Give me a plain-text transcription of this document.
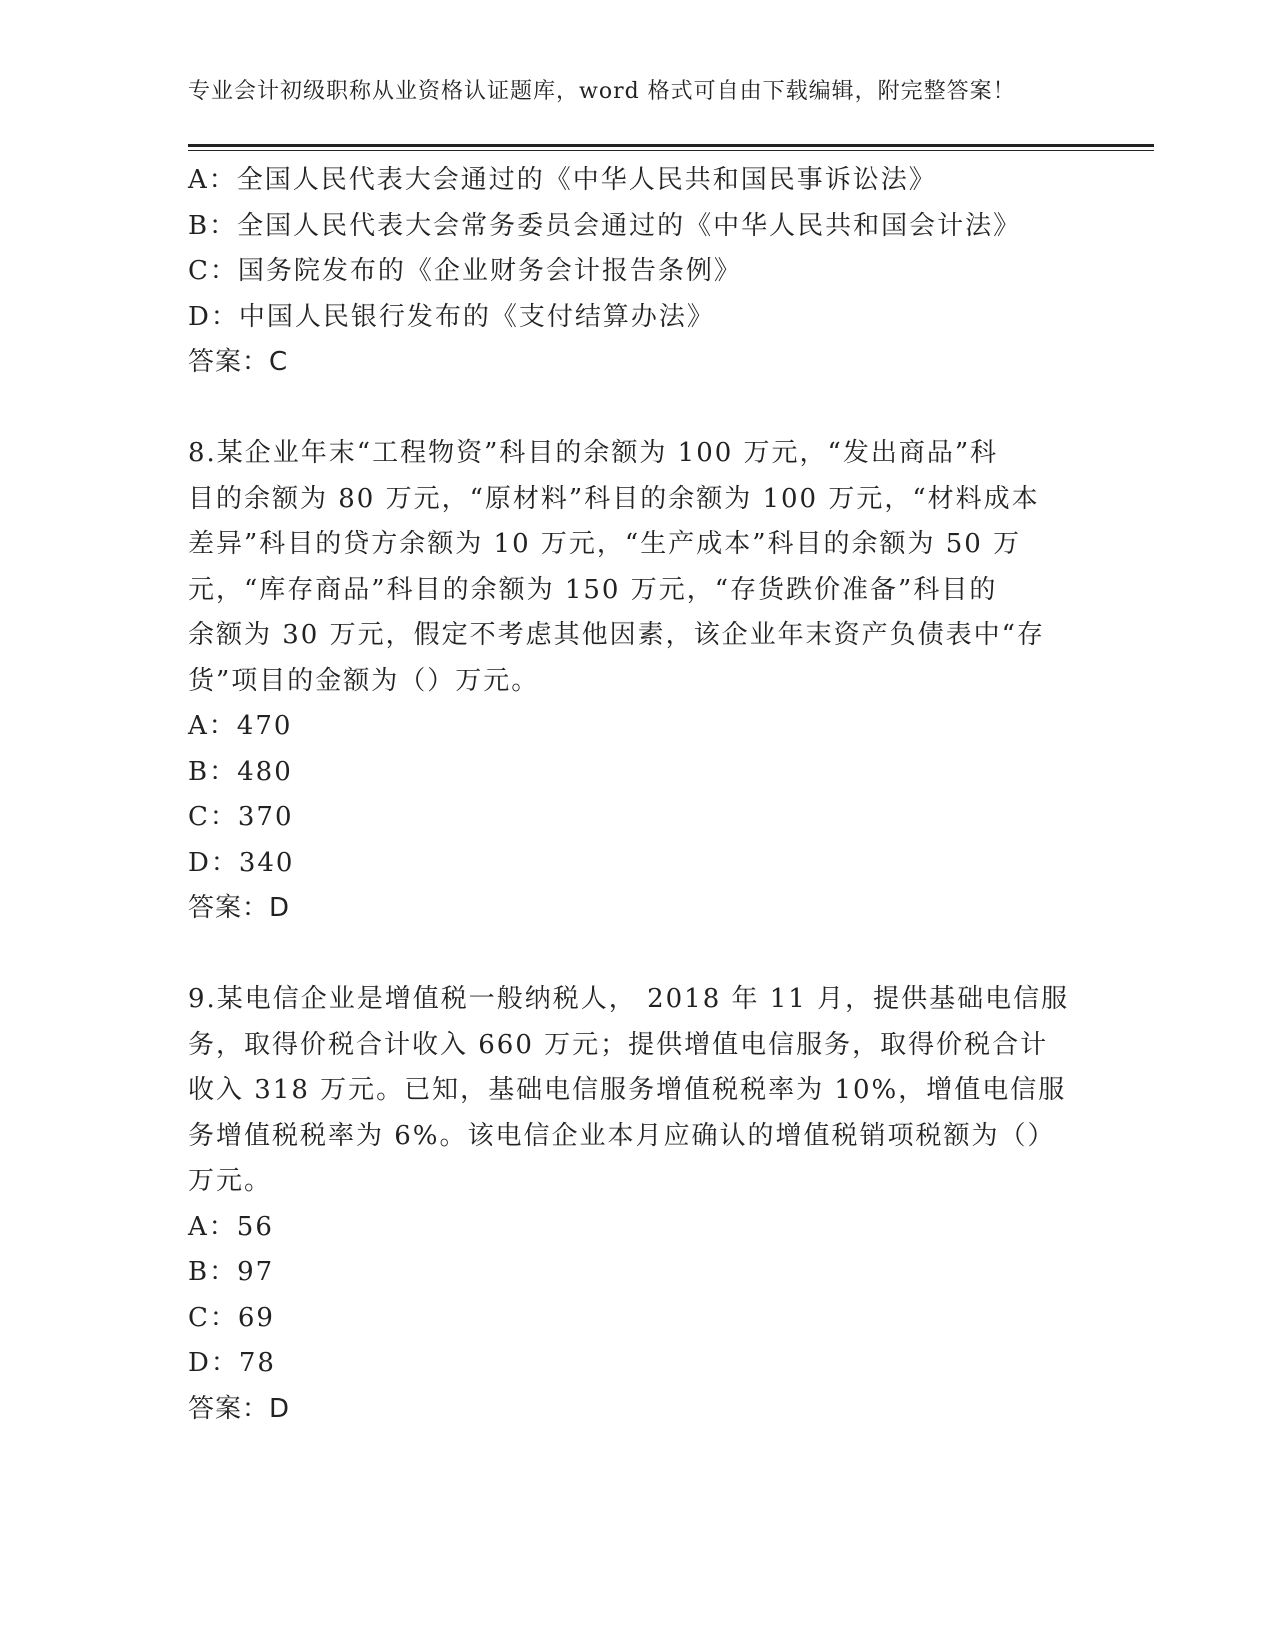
专业会计初级职称从业资格认证题库，word 格式可自由下载编辑，附完整答案！
A：全国人民代表大会通过的《中华人民共和国民事诉讼法》
B：全国人民代表大会常务委员会通过的《中华人民共和国会计法》
C：国务院发布的《企业财务会计报告条例》
D：中国人民银行发布的《支付结算办法》
答案：C
8.某企业年末“工程物资”科目的余额为 100 万元，“发出商品”科
目的余额为 80 万元，“原材料”科目的余额为 100 万元，“材料成本
差异”科目的贷方余额为 10 万元，“生产成本”科目的余额为 50 万
元，“库存商品”科目的余额为 150 万元，“存货跌价准备”科目的
余额为 30 万元，假定不考虑其他因素，该企业年末资产负债表中“存
货”项目的金额为（）万元。
A：470
B：480
C：370
D：340
答案：D
9.某电信企业是增值税一般纳税人， 2018 年 11 月，提供基础电信服
务，取得价税合计收入 660 万元；提供增值电信服务，取得价税合计
收入 318 万元。已知，基础电信服务增值税税率为 10%，增值电信服
务增值税税率为 6%。该电信企业本月应确认的增值税销项税额为（）
万元。
A：56
B：97
C：69
D：78
答案：D
